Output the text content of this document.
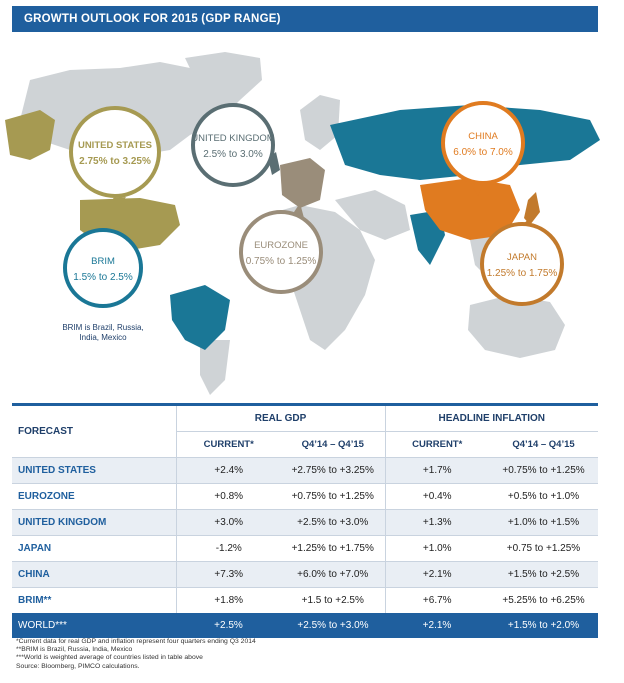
GROWTH OUTLOOK FOR 2015 (GDP RANGE)
UNITED STATES
2.75% to 3.25%
UNITED KINGDOM
2.5% to 3.0%
CHINA
6.0% to 7.0%
EUROZONE
0.75% to 1.25%
BRIM
1.5% to 2.5%
BRIM is Brazil, Russia,
India, Mexico
JAPAN
1.25% to 1.75%
FORECAST	REAL GDP		HEADLINE INFLATION	
	CURRENT*	Q4’14 – Q4’15	CURRENT*	Q4’14 – Q4’15
UNITED STATES	+2.4%	+2.75% to +3.25%	+1.7%	+0.75% to +1.25%
EUROZONE	+0.8%	+0.75% to +1.25%	+0.4%	+0.5% to +1.0%
UNITED KINGDOM	+3.0%	+2.5% to +3.0%	+1.3%	+1.0% to +1.5%
JAPAN	-1.2%	+1.25% to +1.75%	+1.0%	+0.75 to +1.25%
CHINA	+7.3%	+6.0% to +7.0%	+2.1%	+1.5% to +2.5%
BRIM**	+1.8%	+1.5 to +2.5%	+6.7%	+5.25% to +6.25%
WORLD***	+2.5%	+2.5% to +3.0%	+2.1%	+1.5% to +2.0%
*Current data for real GDP and inflation represent four quarters ending Q3 2014
**BRIM is Brazil, Russia, India, Mexico
***World is weighted average of countries listed in table above
Source: Bloomberg, PIMCO calculations.
